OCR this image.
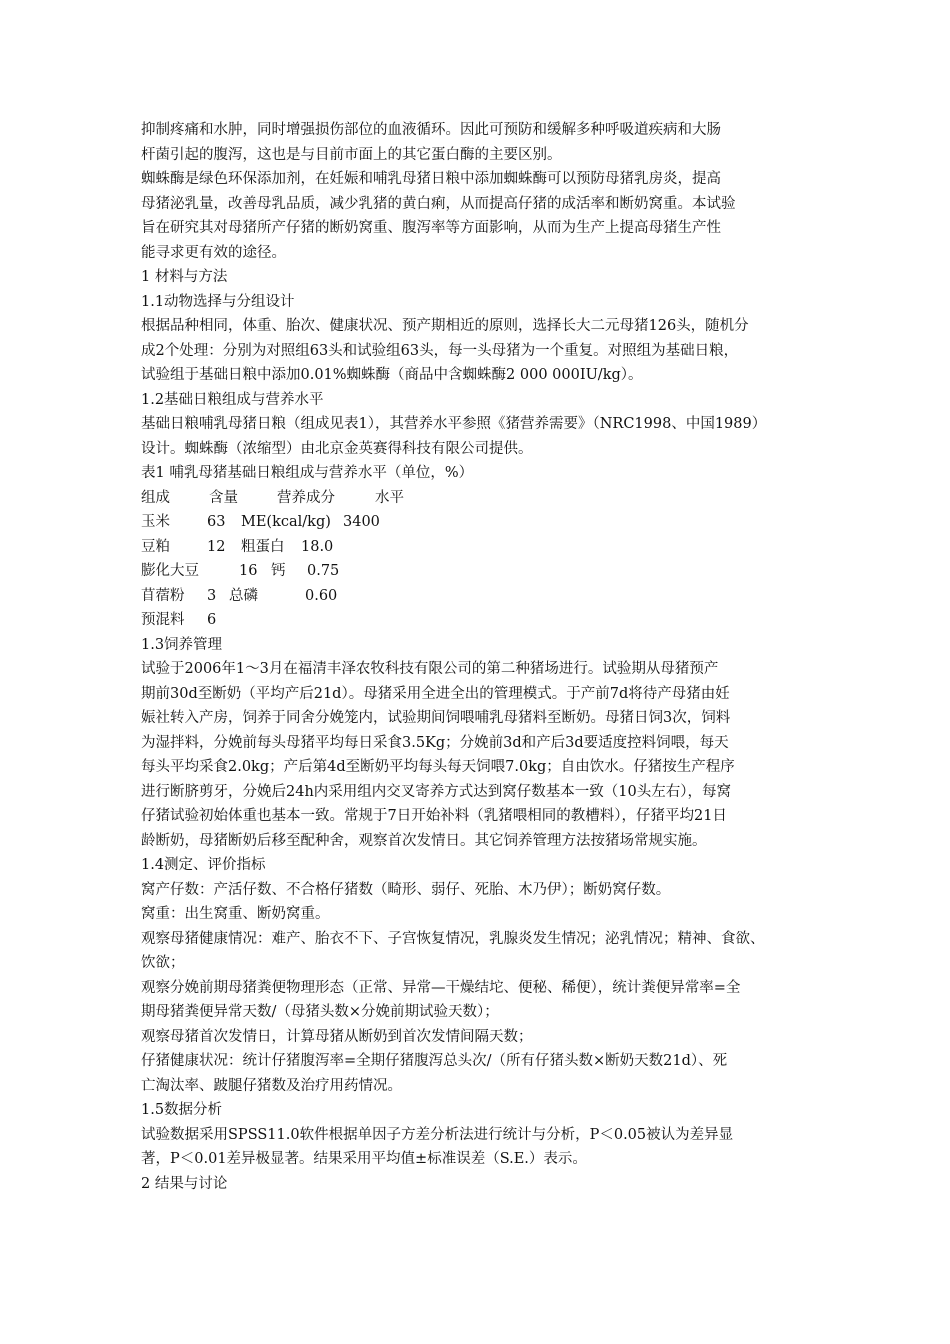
抑制疼痛和水肿，同时增强损伤部位的血液循环。因此可预防和缓解多种呼吸道疾病和大肠
杆菌引起的腹泻，这也是与目前市面上的其它蛋白酶的主要区别。
蜘蛛酶是绿色环保添加剂，在妊娠和哺乳母猪日粮中添加蜘蛛酶可以预防母猪乳房炎，提高
母猪泌乳量，改善母乳品质，减少乳猪的黄白痢，从而提高仔猪的成活率和断奶窝重。本试验
旨在研究其对母猪所产仔猪的断奶窝重、腹泻率等方面影响，从而为生产上提高母猪生产性
能寻求更有效的途径。
1 材料与方法
1.1动物选择与分组设计
根据品种相同，体重、胎次、健康状况、预产期相近的原则，选择长大二元母猪126头，随机分
成2个处理：分别为对照组63头和试验组63头，每一头母猪为一个重复。对照组为基础日粮，
试验组于基础日粮中添加0.01%蜘蛛酶（商品中含蜘蛛酶2 000 000IU/kg）。
1.2基础日粮组成与营养水平
基础日粮哺乳母猪日粮（组成见表1），其营养水平参照《猪营养需要》（NRC1998、中国1989）
设计。蜘蛛酶（浓缩型）由北京金英赛得科技有限公司提供。
表1 哺乳母猪基础日粮组成与营养水平（单位，%）
组成	含量	营养成分	水平
玉米	63	ME(kcal/kg) 3400
豆粕	12	粗蛋白	18.0
膨化大豆	16 钙	0.75
苜蓿粉	3 总磷	0.60
预混料	6
1.3饲养管理
试验于2006年1～3月在福清丰泽农牧科技有限公司的第二种猪场进行。试验期从母猪预产
期前30d至断奶（平均产后21d）。母猪采用全进全出的管理模式。于产前7d将待产母猪由妊
娠社转入产房，饲养于同舍分娩笼内，试验期间饲喂哺乳母猪料至断奶。母猪日饲3次，饲料
为湿拌料，分娩前每头母猪平均每日采食3.5Kg；分娩前3d和产后3d要适度控料饲喂，每天
每头平均采食2.0kg；产后第4d至断奶平均每头每天饲喂7.0kg；自由饮水。仔猪按生产程序
进行断脐剪牙，分娩后24h内采用组内交叉寄养方式达到窝仔数基本一致（10头左右），每窝
仔猪试验初始体重也基本一致。常规于7日开始补料（乳猪喂相同的教槽料），仔猪平均21日
龄断奶，母猪断奶后移至配种舍，观察首次发情日。其它饲养管理方法按猪场常规实施。
1.4测定、评价指标
窝产仔数：产活仔数、不合格仔猪数（畸形、弱仔、死胎、木乃伊）；断奶窝仔数。
窝重：出生窝重、断奶窝重。
观察母猪健康情况：难产、胎衣不下、子宫恢复情况，乳腺炎发生情况；泌乳情况；精神、食欲、
饮欲；
观察分娩前期母猪粪便物理形态（正常、异常—干燥结坨、便秘、稀便），统计粪便异常率=全
期母猪粪便异常天数/（母猪头数×分娩前期试验天数）；
观察母猪首次发情日，计算母猪从断奶到首次发情间隔天数；
仔猪健康状况：统计仔猪腹泻率=全期仔猪腹泻总头次/（所有仔猪头数×断奶天数21d）、死
亡淘汰率、跛腿仔猪数及治疗用药情况。
1.5数据分析
试验数据采用SPSS11.0软件根据单因子方差分析法进行统计与分析，P＜0.05被认为差异显
著，P＜0.01差异极显著。结果采用平均值±标准误差（S.E.）表示。
2 结果与讨论
